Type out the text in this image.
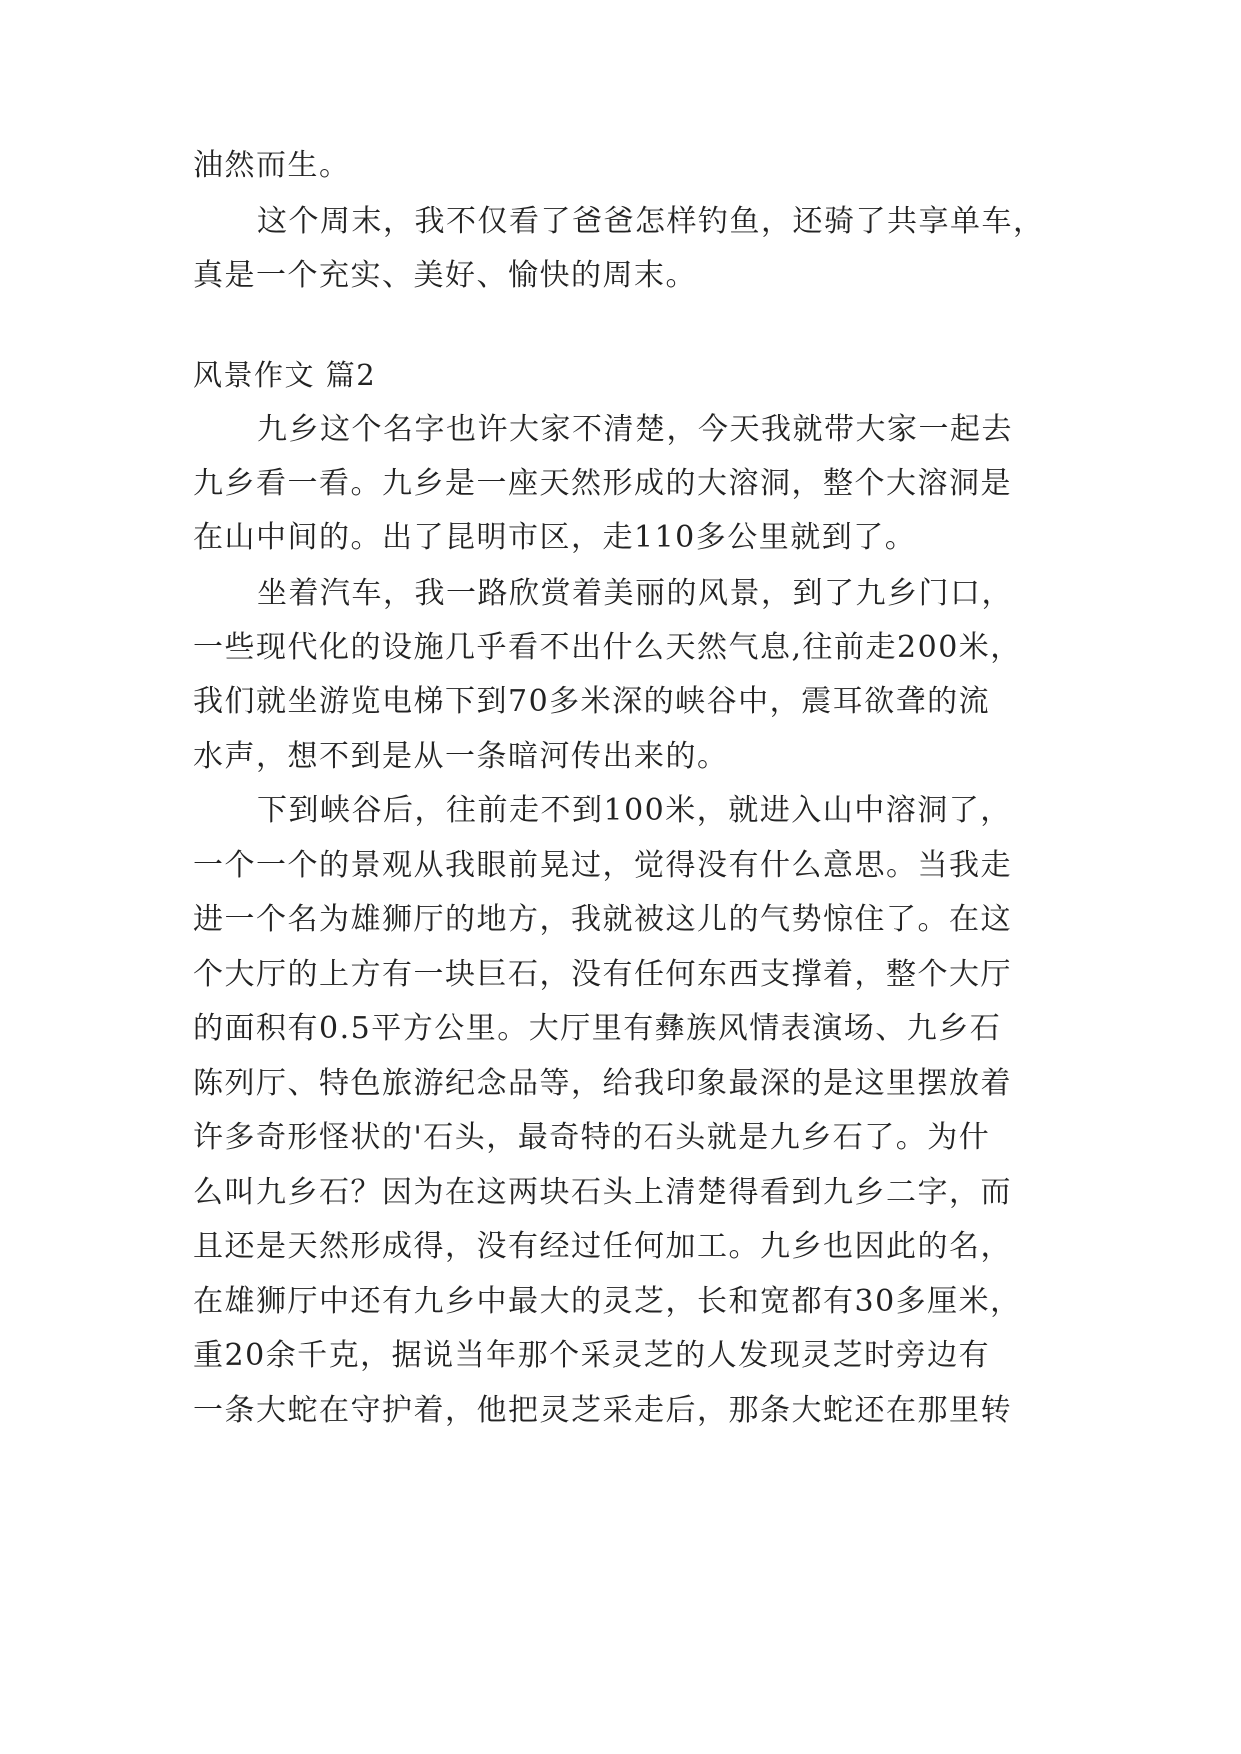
油然而生。
这个周末，我不仅看了爸爸怎样钓鱼，还骑了共享单车，
真是一个充实、美好、愉快的周末。
风景作文 篇2
九乡这个名字也许大家不清楚，今天我就带大家一起去
九乡看一看。九乡是一座天然形成的大溶洞，整个大溶洞是
在山中间的。出了昆明市区，走110多公里就到了。
坐着汽车，我一路欣赏着美丽的风景，到了九乡门口，
一些现代化的设施几乎看不出什么天然气息,往前走200米，
我们就坐游览电梯下到70多米深的峡谷中，震耳欲聋的流
水声，想不到是从一条暗河传出来的。
下到峡谷后，往前走不到100米，就进入山中溶洞了，
一个一个的景观从我眼前晃过，觉得没有什么意思。当我走
进一个名为雄狮厅的地方，我就被这儿的气势惊住了。在这
个大厅的上方有一块巨石，没有任何东西支撑着，整个大厅
的面积有0.5平方公里。大厅里有彝族风情表演场、九乡石
陈列厅、特色旅游纪念品等，给我印象最深的是这里摆放着
许多奇形怪状的'石头，最奇特的石头就是九乡石了。为什
么叫九乡石？因为在这两块石头上清楚得看到九乡二字，而
且还是天然形成得，没有经过任何加工。九乡也因此的名，
在雄狮厅中还有九乡中最大的灵芝，长和宽都有30多厘米，
重20余千克，据说当年那个采灵芝的人发现灵芝时旁边有
一条大蛇在守护着，他把灵芝采走后，那条大蛇还在那里转
